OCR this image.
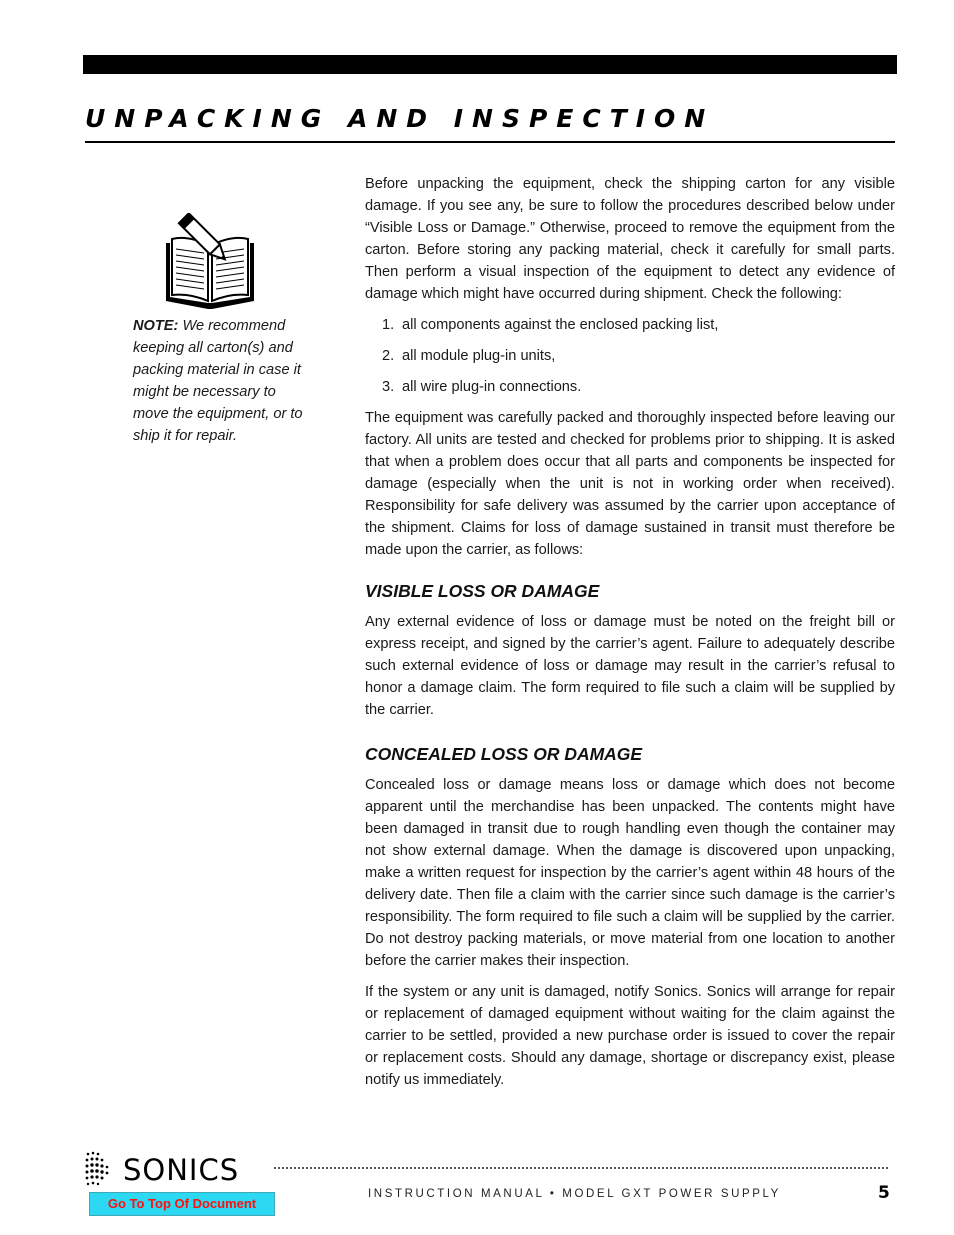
UNPACKING AND INSPECTION

NOTE: We recommend keeping all carton(s) and packing material in case it might be necessary to move the equipment, or to ship it for repair.

Before unpacking the equipment, check the shipping carton for any visible damage. If you see any, be sure to follow the procedures described below under “Visible Loss or Damage.” Otherwise, proceed to remove the equipment from the carton. Before storing any packing material, check it carefully for small parts. Then perform a visual inspection of the equipment to detect any evidence of damage which might have occurred during shipment. Check the following:

1. all components against the enclosed packing list,
2. all module plug-in units,
3. all wire plug-in connections.

The equipment was carefully packed and thoroughly inspected before leaving our factory. All units are tested and checked for problems prior to shipping. It is asked that when a problem does occur that all parts and components be inspected for damage (especially when the unit is not in working order when received). Responsibility for safe delivery was assumed by the carrier upon acceptance of the shipment. Claims for loss of damage sustained in transit must therefore be made upon the carrier, as follows:

VISIBLE LOSS OR DAMAGE

Any external evidence of loss or damage must be noted on the freight bill or express receipt, and signed by the carrier’s agent. Failure to adequately describe such external evidence of loss or damage may result in the carrier’s refusal to honor a damage claim. The form required to file such a claim will be supplied by the carrier.

CONCEALED LOSS OR DAMAGE

Concealed loss or damage means loss or damage which does not become apparent until the merchandise has been unpacked. The contents might have been damaged in transit due to rough handling even though the container may not show external damage. When the damage is discovered upon unpacking, make a written request for inspection by the carrier’s agent within 48 hours of the delivery date. Then file a claim with the carrier since such damage is the carrier’s responsibility. The form required to file such a claim will be supplied by the carrier. Do not destroy packing materials, or move material from one location to another before the carrier makes their inspection.

If the system or any unit is damaged, notify Sonics. Sonics will arrange for repair or replacement of damaged equipment without waiting for the claim against the carrier to be settled, provided a new purchase order is issued to cover the repair or replacement costs. Should any damage, shortage or discrepancy exist, please notify us immediately.

SONICS
INSTRUCTION MANUAL • MODEL GXT POWER SUPPLY	5
Go To Top Of Document
